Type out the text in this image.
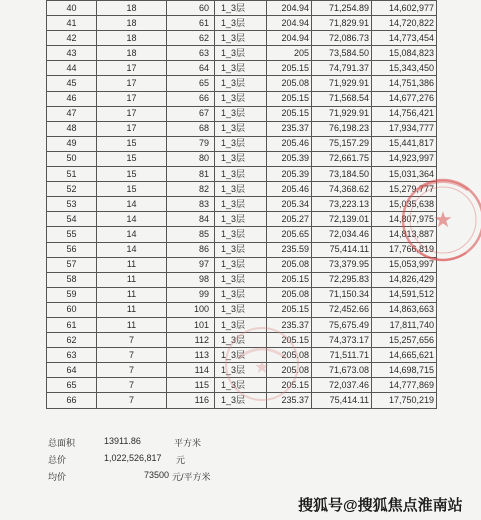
40	18	60	1_3层	204.94	71,254.89	14,602,977
41	18	61	1_3层	204.94	71,829.91	14,720,822
42	18	62	1_3层	204.94	72,086.73	14,773,454
43	18	63	1_3层	205	73,584.50	15,084,823
44	17	64	1_3层	205.15	74,791.37	15,343,450
45	17	65	1_3层	205.08	71,929.91	14,751,386
46	17	66	1_3层	205.15	71,568.54	14,677,276
47	17	67	1_3层	205.15	71,929.91	14,756,421
48	17	68	1_3层	235.37	76,198.23	17,934,777
49	15	79	1_3层	205.46	75,157.29	15,441,817
50	15	80	1_3层	205.39	72,661.75	14,923,997
51	15	81	1_3层	205.39	73,184.50	15,031,364
52	15	82	1_3层	205.46	74,368.62	15,279,777
53	14	83	1_3层	205.34	73,223.13	15,035,638
54	14	84	1_3层	205.27	72,139.01	14,807,975
55	14	85	1_3层	205.65	72,034.46	14,813,887
56	14	86	1_3层	235.59	75,414.11	17,766,819
57	11	97	1_3层	205.08	73,379.95	15,053,997
58	11	98	1_3层	205.15	72,295.83	14,826,429
59	11	99	1_3层	205.08	71,150.34	14,591,512
60	11	100	1_3层	205.15	72,452.66	14,863,663
61	11	101	1_3层	235.37	75,675.49	17,811,740
62	7	112	1_3层	205.15	74,373.17	15,257,656
63	7	113	1_3层	205.08	71,511.71	14,665,621
64	7	114	1_3层	205.08	71,673.08	14,698,715
65	7	115	1_3层	205.15	72,037.46	14,777,869
66	7	116	1_3层	235.37	75,414.11	17,750,219
总面积	13911.86	平方米
总价	1,022,526,817 元
均价	73500 元/平方米
★
★
搜狐号@搜狐焦点淮南站
